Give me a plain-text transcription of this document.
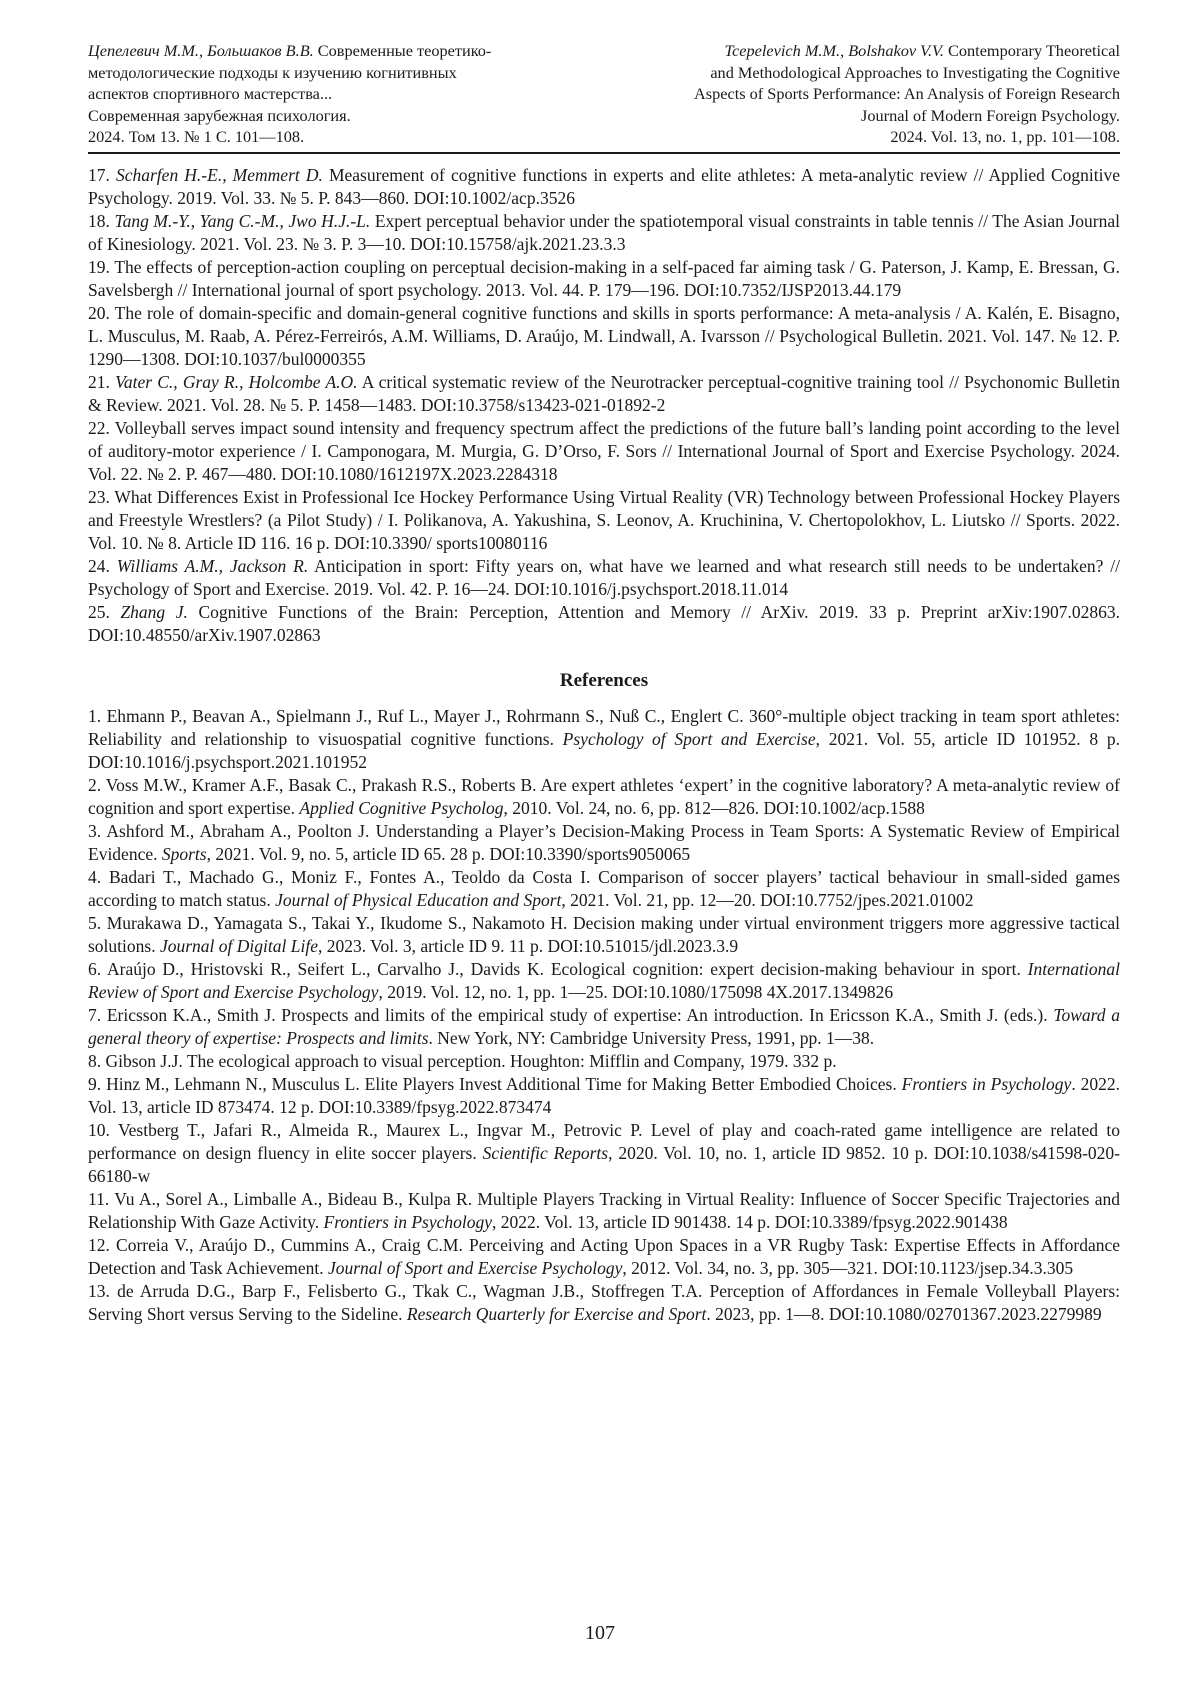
Цепелевич М.М., Большаков В.В. Современные теоретико-
методологические подходы к изучению когнитивных
аспектов спортивного мастерства...
Современная зарубежная психология.
2024. Том 13. № 1 С. 101—108.
Tcepelevich M.M., Bolshakov V.V. Contemporary Theoretical
and Methodological Approaches to Investigating the Cognitive
Aspects of Sports Performance: An Analysis of Foreign Research
Journal of Modern Foreign Psychology.
2024. Vol. 13, no. 1, pp. 101—108.

17. Scharfen H.-E., Memmert D. Measurement of cognitive functions in experts and elite athletes: A meta-analytic review // Applied Cognitive Psychology. 2019. Vol. 33. № 5. P. 843—860. DOI:10.1002/acp.3526

18. Tang M.-Y., Yang C.-M., Jwo H.J.-L. Expert perceptual behavior under the spatiotemporal visual constraints in table tennis // The Asian Journal of Kinesiology. 2021. Vol. 23. № 3. P. 3—10. DOI:10.15758/ajk.2021.23.3.3

19. The effects of perception-action coupling on perceptual decision-making in a self-paced far aiming task / G. Paterson, J. Kamp, E. Bressan, G. Savelsbergh // International journal of sport psychology. 2013. Vol. 44. P. 179—196. DOI:10.7352/IJSP2013.44.179

20. The role of domain-specific and domain-general cognitive functions and skills in sports performance: A meta-analysis / A. Kalén, E. Bisagno, L. Musculus, M. Raab, A. Pérez-Ferreirós, A.M. Williams, D. Araújo, M. Lindwall, A. Ivarsson // Psychological Bulletin. 2021. Vol. 147. № 12. P. 1290—1308. DOI:10.1037/bul0000355

21. Vater C., Gray R., Holcombe A.O. A critical systematic review of the Neurotracker perceptual-cognitive training tool // Psychonomic Bulletin & Review. 2021. Vol. 28. № 5. P. 1458—1483. DOI:10.3758/s13423-021-01892-2

22. Volleyball serves impact sound intensity and frequency spectrum affect the predictions of the future ball’s landing point according to the level of auditory-motor experience / I. Camponogara, M. Murgia, G. D’Orso, F. Sors // International Journal of Sport and Exercise Psychology. 2024. Vol. 22. № 2. P. 467—480. DOI:10.1080/1612197X.2023.2284318

23. What Differences Exist in Professional Ice Hockey Performance Using Virtual Reality (VR) Technology between Professional Hockey Players and Freestyle Wrestlers? (a Pilot Study) / I. Polikanova, A. Yakushina, S. Leonov, A. Kruchinina, V. Chertopolokhov, L. Liutsko // Sports. 2022. Vol. 10. № 8. Article ID 116. 16 p. DOI:10.3390/ sports10080116

24. Williams A.M., Jackson R. Anticipation in sport: Fifty years on, what have we learned and what research still needs to be undertaken? // Psychology of Sport and Exercise. 2019. Vol. 42. P. 16—24. DOI:10.1016/j.psychsport.2018.11.014

25. Zhang J. Cognitive Functions of the Brain: Perception, Attention and Memory // ArXiv. 2019. 33 p. Preprint arXiv:1907.02863. DOI:10.48550/arXiv.1907.02863

References

1. Ehmann P., Beavan A., Spielmann J., Ruf L., Mayer J., Rohrmann S., Nuß C., Englert C. 360°-multiple object tracking in team sport athletes: Reliability and relationship to visuospatial cognitive functions. Psychology of Sport and Exercise, 2021. Vol. 55, article ID 101952. 8 p. DOI:10.1016/j.psychsport.2021.101952

2. Voss M.W., Kramer A.F., Basak C., Prakash R.S., Roberts B. Are expert athletes ‘expert’ in the cognitive laboratory? A meta-analytic review of cognition and sport expertise. Applied Cognitive Psycholog, 2010. Vol. 24, no. 6, pp. 812—826. DOI:10.1002/acp.1588

3. Ashford M., Abraham A., Poolton J. Understanding a Player’s Decision-Making Process in Team Sports: A Systematic Review of Empirical Evidence. Sports, 2021. Vol. 9, no. 5, article ID 65. 28 p. DOI:10.3390/sports9050065

4. Badari T., Machado G., Moniz F., Fontes A., Teoldo da Costa I. Comparison of soccer players’ tactical behaviour in small-sided games according to match status. Journal of Physical Education and Sport, 2021. Vol. 21, pp. 12—20. DOI:10.7752/jpes.2021.01002

5. Murakawa D., Yamagata S., Takai Y., Ikudome S., Nakamoto H. Decision making under virtual environment triggers more aggressive tactical solutions. Journal of Digital Life, 2023. Vol. 3, article ID 9. 11 p. DOI:10.51015/jdl.2023.3.9

6. Araújo D., Hristovski R., Seifert L., Carvalho J., Davids K. Ecological cognition: expert decision-making behaviour in sport. International Review of Sport and Exercise Psychology, 2019. Vol. 12, no. 1, pp. 1—25. DOI:10.1080/175098 4X.2017.1349826

7. Ericsson K.A., Smith J. Prospects and limits of the empirical study of expertise: An introduction. In Ericsson K.A., Smith J. (eds.). Toward a general theory of expertise: Prospects and limits. New York, NY: Cambridge University Press, 1991, pp. 1—38.

8. Gibson J.J. The ecological approach to visual perception. Houghton: Mifflin and Company, 1979. 332 p.

9. Hinz M., Lehmann N., Musculus L. Elite Players Invest Additional Time for Making Better Embodied Choices. Frontiers in Psychology. 2022. Vol. 13, article ID 873474. 12 p. DOI:10.3389/fpsyg.2022.873474

10. Vestberg T., Jafari R., Almeida R., Maurex L., Ingvar M., Petrovic P. Level of play and coach-rated game intelligence are related to performance on design fluency in elite soccer players. Scientific Reports, 2020. Vol. 10, no. 1, article ID 9852. 10 p. DOI:10.1038/s41598-020-66180-w

11. Vu A., Sorel A., Limballe A., Bideau B., Kulpa R. Multiple Players Tracking in Virtual Reality: Influence of Soccer Specific Trajectories and Relationship With Gaze Activity. Frontiers in Psychology, 2022. Vol. 13, article ID 901438. 14 p. DOI:10.3389/fpsyg.2022.901438

12. Correia V., Araújo D., Cummins A., Craig C.M. Perceiving and Acting Upon Spaces in a VR Rugby Task: Expertise Effects in Affordance Detection and Task Achievement. Journal of Sport and Exercise Psychology, 2012. Vol. 34, no. 3, pp. 305—321. DOI:10.1123/jsep.34.3.305

13. de Arruda D.G., Barp F., Felisberto G., Tkak C., Wagman J.B., Stoffregen T.A. Perception of Affordances in Female Volleyball Players: Serving Short versus Serving to the Sideline. Research Quarterly for Exercise and Sport. 2023, pp. 1—8. DOI:10.1080/02701367.2023.2279989

107
